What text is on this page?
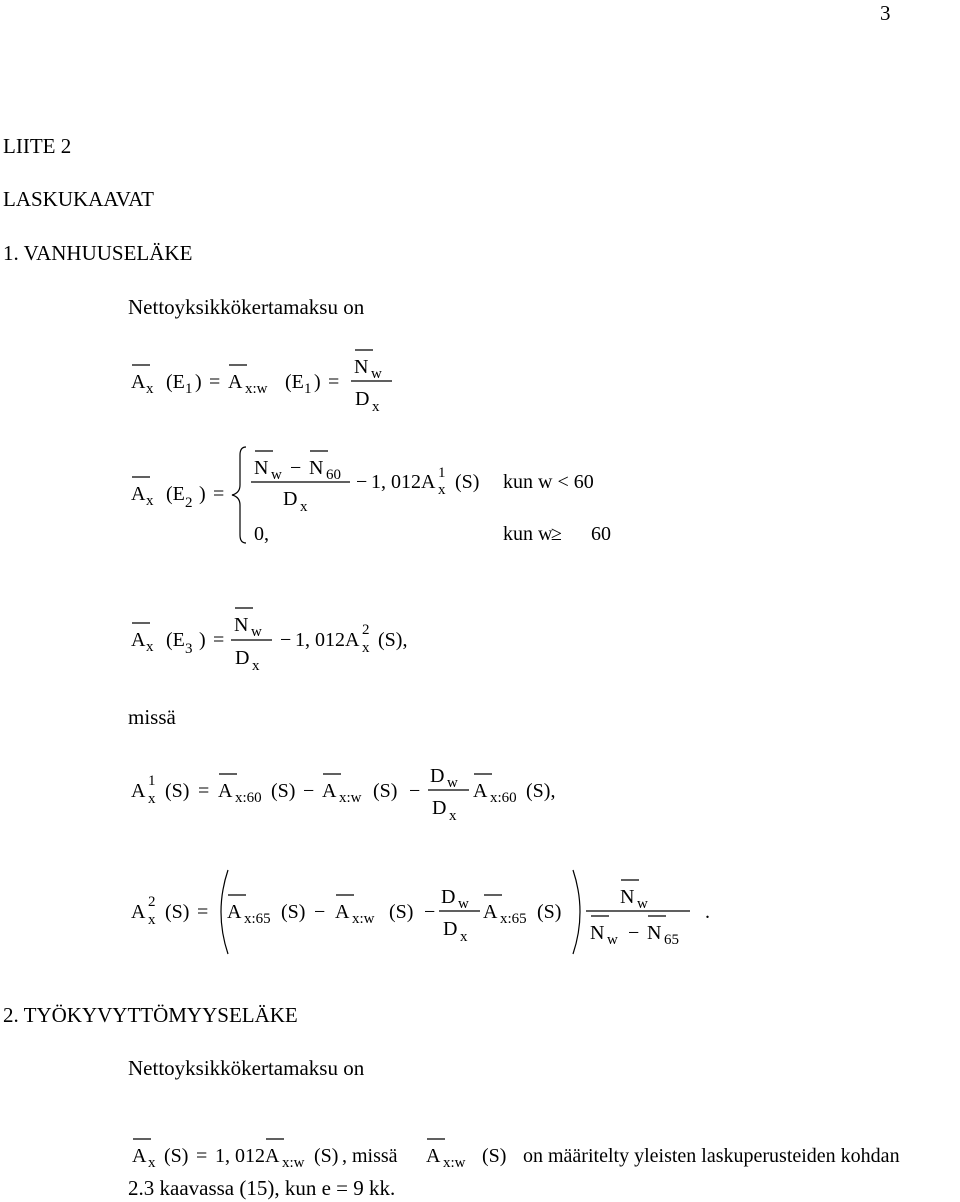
3
LIITE 2
LASKUKAAVAT
1. VANHUUSELÄKE
Nettoyksikkökertamaksu on
missä
2. TYÖKYVYTTÖMYYSELÄKE
Nettoyksikkökertamaksu on
2.3 kaavassa (15), kun e = 9 kk.
A x (E 1 ) = A x:w (E 1 ) =
N w
D x
A x (E 2 ) =
N w − N 60
D x
− 1, 012 A 1
x (S) kun w < 60
0,	kun w
≥ 60
A x (E 3 ) =
N w
D x
− 1, 012 A 2
x (S),
A 1
x (S) = A x:60 (S) − A x:w (S) −
D w
D x
A x:60 (S),
A 2
x (S) = A x:65 (S) − A x:w (S) −
D w
D x
A x:65 (S)
N w
N w − N 65
.
A x (S) = 1, 012 A x:w (S) , missä A x:w (S) on määritelty yleisten laskuperusteiden kohdan
